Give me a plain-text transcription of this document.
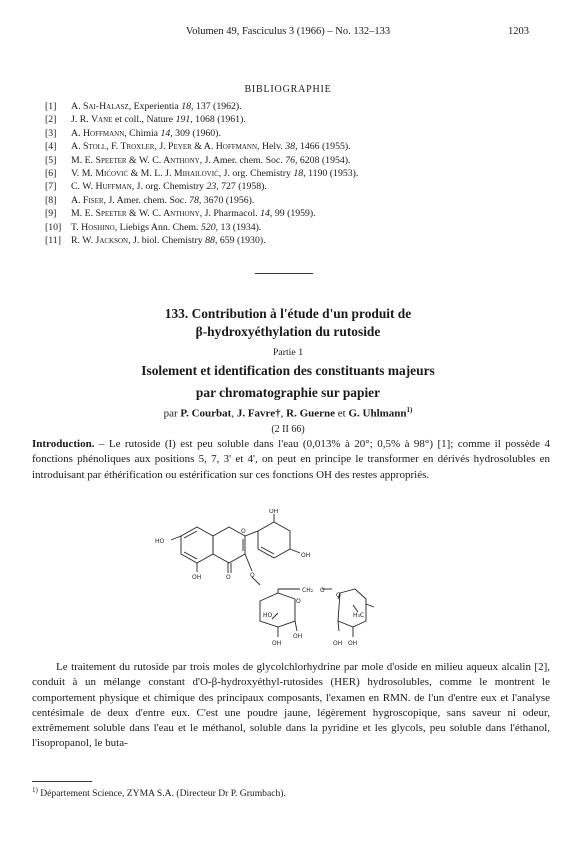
Volumen 49, Fasciculus 3 (1966) – No. 132–133	1203
BIBLIOGRAPHIE
[1] A. Sai-Halasz, Experientia 18, 137 (1962).
[2] J. R. Vane et coll., Nature 191, 1068 (1961).
[3] A. Hoffmann, Chimia 14, 309 (1960).
[4] A. Stoll, F. Troxler, J. Peyer & A. Hoffmann, Helv. 38, 1466 (1955).
[5] M. E. Speeter & W. C. Anthony, J. Amer. chem. Soc. 76, 6208 (1954).
[6] V. M. Mićović & M. L. J. Mihailović, J. org. Chemistry 18, 1190 (1953).
[7] C. W. Huffman, J. org. Chemistry 23, 727 (1958).
[8] A. Fiser, J. Amer. chem. Soc. 78, 3670 (1956).
[9] M. E. Speeter & W. C. Anthony, J. Pharmacol. 14, 99 (1959).
[10] T. Hoshino, Liebigs Ann. Chem. 520, 13 (1934).
[11] R. W. Jackson, J. biol. Chemistry 88, 659 (1930).
133. Contribution à l'étude d'un produit de
β-hydroxyéthylation du rutoside
Partie 1
Isolement et identification des constituants majeurs
par chromatographie sur papier
par P. Courbat, J. Favre†, R. Guerne et G. Uhlmann$^{1)}$
(2 II 66)
Introduction. – Le rutoside (I) est peu soluble dans l'eau (0,013% à 20°; 0,5% à 98°) [1]; comme il possède 4 fonctions phénoliques aux positions 5, 7, 3' et 4', on peut en principe le transformer en dérivés hydrosolubles en introduisant par éthérification ou estérification sur ces fonctions OH des restes appropriés.
OH
OH
HO
OH
O
O	O
CH₂ O
O
O
HO
OH
OH
OH
H₃C
OH
Le traitement du rutoside par trois moles de glycolchlorhydrine par mole d'oside en milieu aqueux alcalin [2], conduit à un mélange constant d'O-β-hydroxyéthyl-rutosides (HER) hydrosolubles, comme le montrent le comportement physique et chimique des principaux composants, l'examen en RMN. de l'un d'entre eux et l'analyse centésimale de deux d'entre eux. C'est une poudre jaune, légèrement hygroscopique, sans saveur ni odeur, extrêmement soluble dans l'eau et le méthanol, soluble dans la pyridine et les glycols, peu soluble dans l'éthanol, l'isopropanol, le buta-
$^{1)}$ Département Science, ZYMA S.A. (Directeur Dr P. Grumbach).
